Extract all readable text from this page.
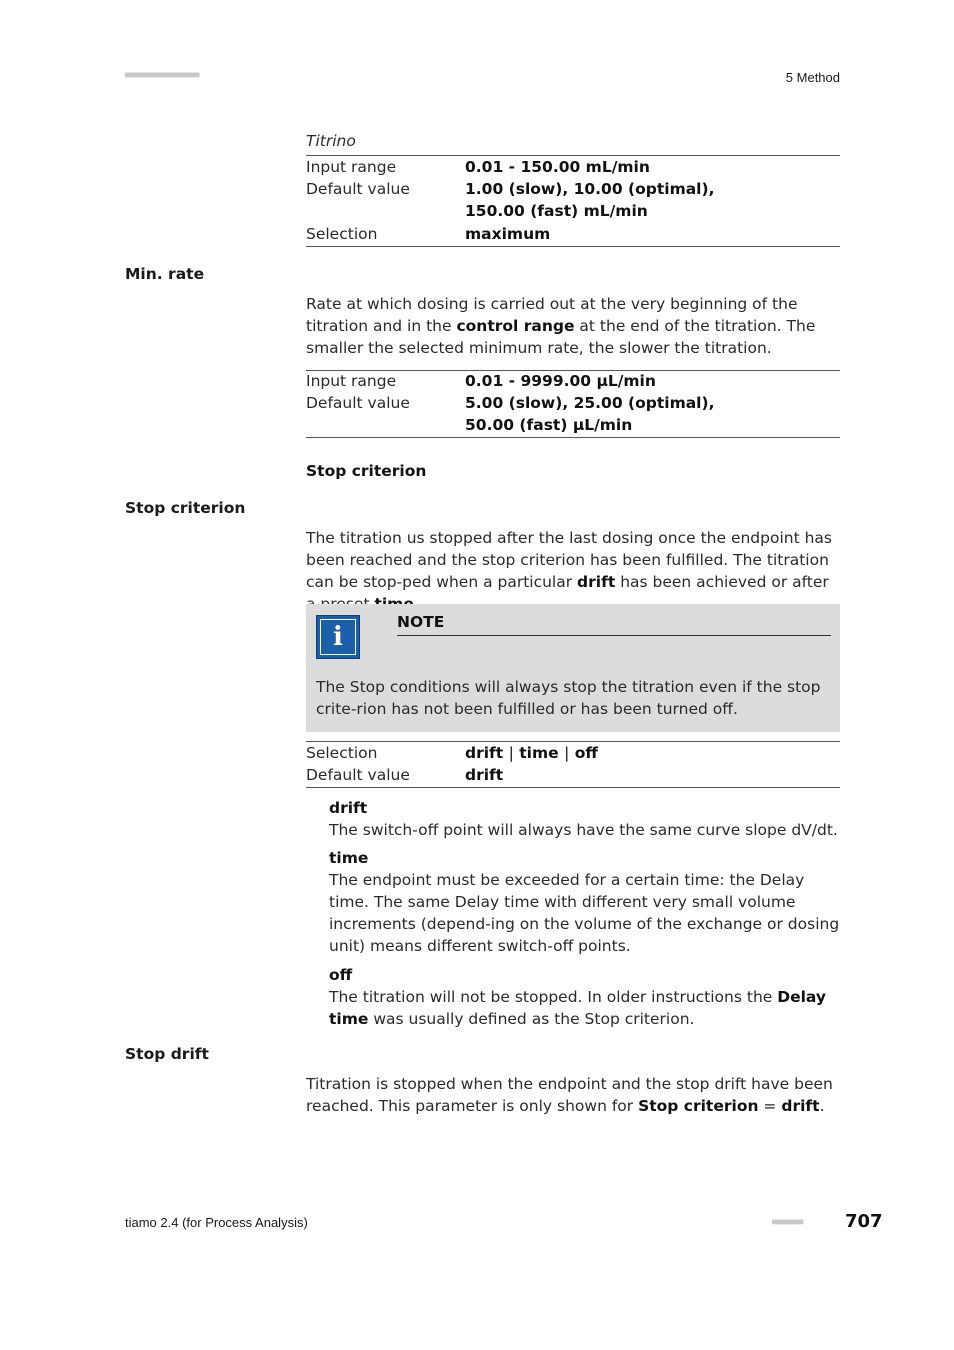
■■■■■■■■■■■■■■■■■■■■■■	5 Method
Titrino
Input range	0.01 - 150.00 mL/min
Default value	1.00 (slow), 10.00 (optimal), 150.00 (fast) mL/min
Selection	maximum
Min. rate
Rate at which dosing is carried out at the very beginning of the titration and in the control range at the end of the titration. The smaller the selected minimum rate, the slower the titration.
Input range	0.01 - 9999.00 µL/min
Default value	5.00 (slow), 25.00 (optimal), 50.00 (fast) µL/min
Stop criterion
Stop criterion
The titration us stopped after the last dosing once the endpoint has been reached and the stop criterion has been fulfilled. The titration can be stop-ped when a particular drift has been achieved or after
i	NOTE
The Stop conditions will always stop the titration even if the stop crite-rion has not been fulfilled or has been turned off.
Selection	drift | time | off
Default value	drift
drift
The switch-off point will always have the same curve slope dV/dt.
time
The endpoint must be exceeded for a certain time: the Delay time. The same Delay time with different very small volume increments (depend-ing on the volume of the exchange or dosing unit) means different switch-off points.
off
The titration will not be stopped. In older instructions the Delay time was usually defined as the Stop criterion.
Stop drift
Titration is stopped when the endpoint and the stop drift have been reached. This parameter is only shown for Stop criterion = drift.
tiamo 2.4 (for Process Analysis)	■■■■■■■■■ 707
